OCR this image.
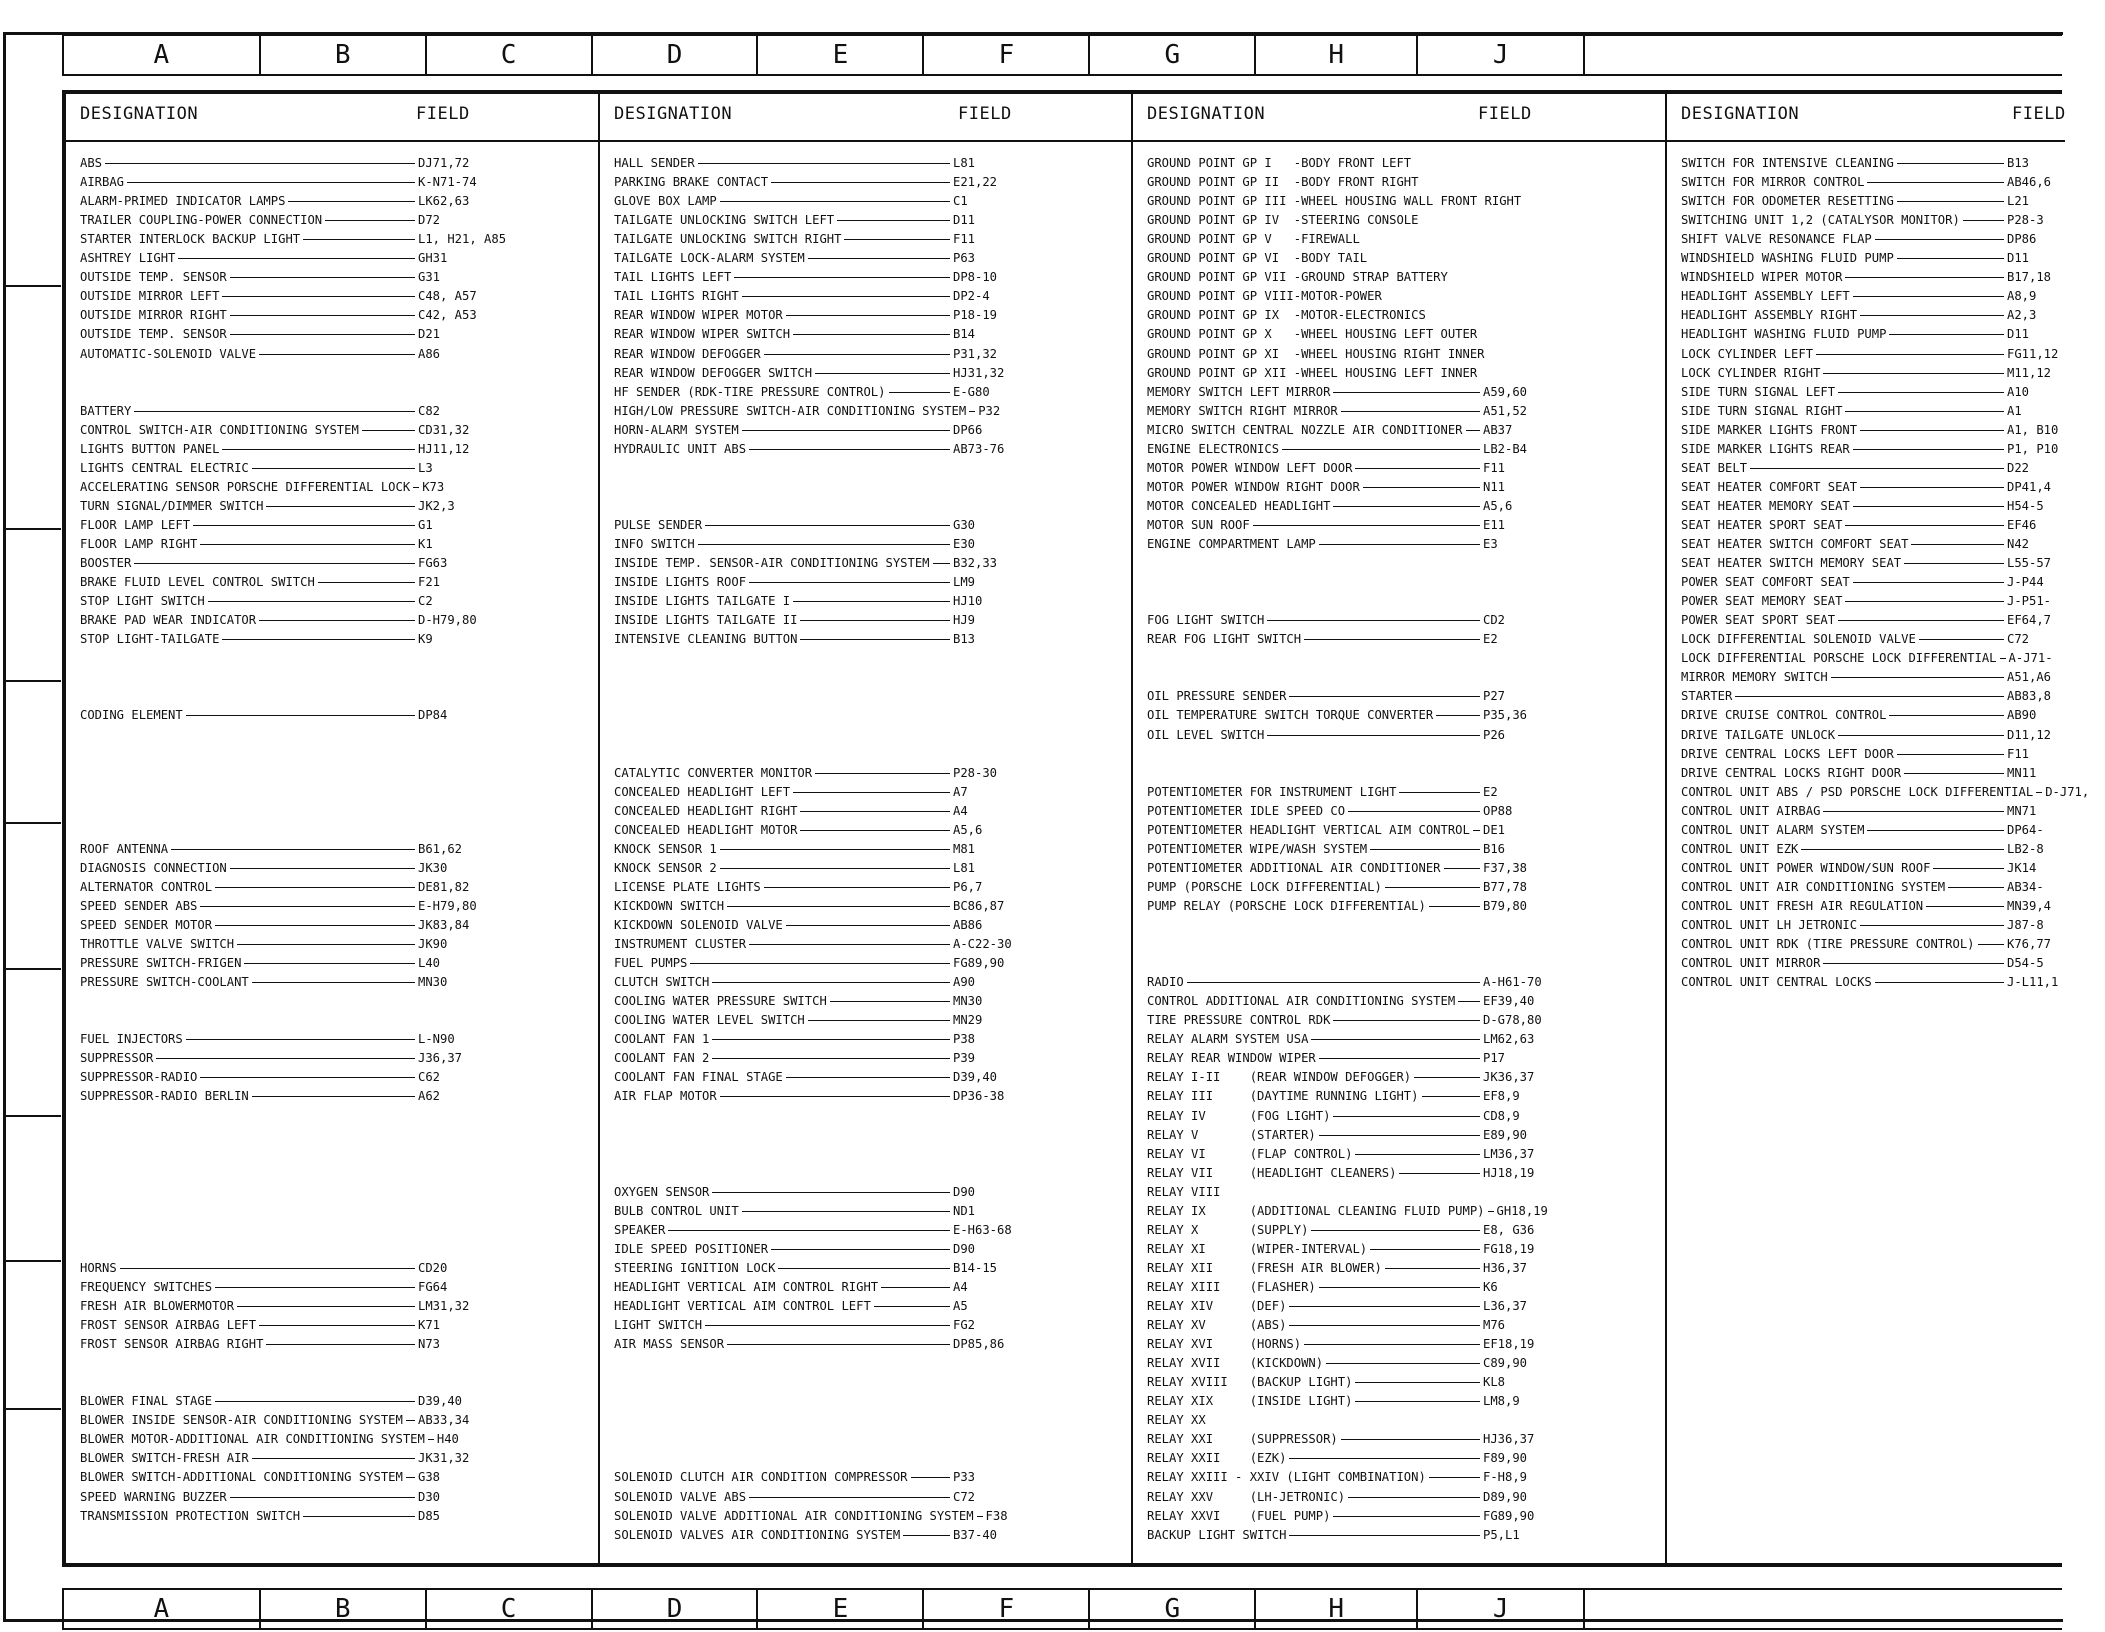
A	B	C	D	E	F	G	H	J
DESIGNATION	FIELD
ABS	DJ71,72
AIRBAG	K-N71-74
ALARM-PRIMED INDICATOR LAMPS	LK62,63
TRAILER COUPLING-POWER CONNECTION	D72
STARTER INTERLOCK BACKUP LIGHT	L1, H21, A85
ASHTREY LIGHT	GH31
OUTSIDE TEMP. SENSOR	G31
OUTSIDE MIRROR LEFT	C48, A57
OUTSIDE MIRROR RIGHT	C42, A53
OUTSIDE TEMP. SENSOR	D21
AUTOMATIC-SOLENOID VALVE	A86
BATTERY	C82
CONTROL SWITCH-AIR CONDITIONING SYSTEM	CD31,32
LIGHTS BUTTON PANEL	HJ11,12
LIGHTS CENTRAL ELECTRIC	L3
ACCELERATING SENSOR PORSCHE DIFFERENTIAL LOCK K73
TURN SIGNAL/DIMMER SWITCH	JK2,3
FLOOR LAMP LEFT	G1
FLOOR LAMP RIGHT	K1
BOOSTER	FG63
BRAKE FLUID LEVEL CONTROL SWITCH	F21
STOP LIGHT SWITCH	C2
BRAKE PAD WEAR INDICATOR	D-H79,80
STOP LIGHT-TAILGATE	K9
CODING ELEMENT	DP84
ROOF ANTENNA	B61,62
DIAGNOSIS CONNECTION	JK30
ALTERNATOR CONTROL	DE81,82
SPEED SENDER ABS	E-H79,80
SPEED SENDER MOTOR	JK83,84
THROTTLE VALVE SWITCH	JK90
PRESSURE SWITCH-FRIGEN	L40
PRESSURE SWITCH-COOLANT	MN30
FUEL INJECTORS	L-N90
SUPPRESSOR	J36,37
SUPPRESSOR-RADIO	C62
SUPPRESSOR-RADIO BERLIN	A62
HORNS	CD20
FREQUENCY SWITCHES	FG64
FRESH AIR BLOWERMOTOR	LM31,32
FROST SENSOR AIRBAG LEFT	K71
FROST SENSOR AIRBAG RIGHT	N73
BLOWER FINAL STAGE	D39,40
BLOWER INSIDE SENSOR-AIR CONDITIONING SYSTEM AB33,34
BLOWER MOTOR-ADDITIONAL AIR CONDITIONING SYSTEM H40
BLOWER SWITCH-FRESH AIR	JK31,32
BLOWER SWITCH-ADDITIONAL CONDITIONING SYSTEM G38
SPEED WARNING BUZZER	D30
TRANSMISSION PROTECTION SWITCH	D85
DESIGNATION	FIELD
HALL SENDER	L81
PARKING BRAKE CONTACT	E21,22
GLOVE BOX LAMP	C1
TAILGATE UNLOCKING SWITCH LEFT	D11
TAILGATE UNLOCKING SWITCH RIGHT	F11
TAILGATE LOCK-ALARM SYSTEM	P63
TAIL LIGHTS LEFT	DP8-10
TAIL LIGHTS RIGHT	DP2-4
REAR WINDOW WIPER MOTOR	P18-19
REAR WINDOW WIPER SWITCH	B14
REAR WINDOW DEFOGGER	P31,32
REAR WINDOW DEFOGGER SWITCH	HJ31,32
HF SENDER (RDK-TIRE PRESSURE CONTROL)	E-G80
HIGH/LOW PRESSURE SWITCH-AIR CONDITIONING SYSTEM P32
HORN-ALARM SYSTEM	DP66
HYDRAULIC UNIT ABS	AB73-76
PULSE SENDER	G30
INFO SWITCH	E30
INSIDE TEMP. SENSOR-AIR CONDITIONING SYSTEM B32,33
INSIDE LIGHTS ROOF	LM9
INSIDE LIGHTS TAILGATE I	HJ10
INSIDE LIGHTS TAILGATE II	HJ9
INTENSIVE CLEANING BUTTON	B13
CATALYTIC CONVERTER MONITOR	P28-30
CONCEALED HEADLIGHT LEFT	A7
CONCEALED HEADLIGHT RIGHT	A4
CONCEALED HEADLIGHT MOTOR	A5,6
KNOCK SENSOR 1	M81
KNOCK SENSOR 2	L81
LICENSE PLATE LIGHTS	P6,7
KICKDOWN SWITCH	BC86,87
KICKDOWN SOLENOID VALVE	AB86
INSTRUMENT CLUSTER	A-C22-30
FUEL PUMPS	FG89,90
CLUTCH SWITCH	A90
COOLING WATER PRESSURE SWITCH	MN30
COOLING WATER LEVEL SWITCH	MN29
COOLANT FAN 1	P38
COOLANT FAN 2	P39
COOLANT FAN FINAL STAGE	D39,40
AIR FLAP MOTOR	DP36-38
OXYGEN SENSOR	D90
BULB CONTROL UNIT	ND1
SPEAKER	E-H63-68
IDLE SPEED POSITIONER	D90
STEERING IGNITION LOCK	B14-15
HEADLIGHT VERTICAL AIM CONTROL RIGHT	A4
HEADLIGHT VERTICAL AIM CONTROL LEFT	A5
LIGHT SWITCH	FG2
AIR MASS SENSOR	DP85,86
SOLENOID CLUTCH AIR CONDITION COMPRESSOR	P33
SOLENOID VALVE ABS	C72
SOLENOID VALVE ADDITIONAL AIR CONDITIONING SYSTEM F38
SOLENOID VALVES AIR CONDITIONING SYSTEM	B37-40
DESIGNATION	FIELD
GROUND POINT GP I   -BODY FRONT LEFT
GROUND POINT GP II  -BODY FRONT RIGHT
GROUND POINT GP III -WHEEL HOUSING WALL FRONT RIGHT
GROUND POINT GP IV  -STEERING CONSOLE
GROUND POINT GP V   -FIREWALL
GROUND POINT GP VI  -BODY TAIL
GROUND POINT GP VII -GROUND STRAP BATTERY
GROUND POINT GP VIII-MOTOR-POWER
GROUND POINT GP IX  -MOTOR-ELECTRONICS
GROUND POINT GP X   -WHEEL HOUSING LEFT OUTER
GROUND POINT GP XI  -WHEEL HOUSING RIGHT INNER
GROUND POINT GP XII -WHEEL HOUSING LEFT INNER
MEMORY SWITCH LEFT MIRROR	A59,60
MEMORY SWITCH RIGHT MIRROR	A51,52
MICRO SWITCH CENTRAL NOZZLE AIR CONDITIONER AB37
ENGINE ELECTRONICS	LB2-B4
MOTOR POWER WINDOW LEFT DOOR	F11
MOTOR POWER WINDOW RIGHT DOOR	N11
MOTOR CONCEALED HEADLIGHT	A5,6
MOTOR SUN ROOF	E11
ENGINE COMPARTMENT LAMP	E3
FOG LIGHT SWITCH	CD2
REAR FOG LIGHT SWITCH	E2
OIL PRESSURE SENDER	P27
OIL TEMPERATURE SWITCH TORQUE CONVERTER	P35,36
OIL LEVEL SWITCH	P26
POTENTIOMETER FOR INSTRUMENT LIGHT	E2
POTENTIOMETER IDLE SPEED CO	OP88
POTENTIOMETER HEADLIGHT VERTICAL AIM CONTROL DE1
POTENTIOMETER WIPE/WASH SYSTEM	B16
POTENTIOMETER ADDITIONAL AIR CONDITIONER	F37,38
PUMP (PORSCHE LOCK DIFFERENTIAL)	B77,78
PUMP RELAY (PORSCHE LOCK DIFFERENTIAL)	B79,80
RADIO	A-H61-70
CONTROL ADDITIONAL AIR CONDITIONING SYSTEM EF39,40
TIRE PRESSURE CONTROL RDK	D-G78,80
RELAY ALARM SYSTEM USA	LM62,63
RELAY REAR WINDOW WIPER	P17
RELAY I-II    (REAR WINDOW DEFOGGER)	JK36,37
RELAY III     (DAYTIME RUNNING LIGHT)	EF8,9
RELAY IV      (FOG LIGHT)	CD8,9
RELAY V       (STARTER)	E89,90
RELAY VI      (FLAP CONTROL)	LM36,37
RELAY VII     (HEADLIGHT CLEANERS)	HJ18,19
RELAY VIII
RELAY IX      (ADDITIONAL CLEANING FLUID PUMP) GH18,19
RELAY X       (SUPPLY)	E8, G36
RELAY XI      (WIPER-INTERVAL)	FG18,19
RELAY XII     (FRESH AIR BLOWER)	H36,37
RELAY XIII    (FLASHER)	K6
RELAY XIV     (DEF)	L36,37
RELAY XV      (ABS)	M76
RELAY XVI     (HORNS)	EF18,19
RELAY XVII    (KICKDOWN)	C89,90
RELAY XVIII   (BACKUP LIGHT)	KL8
RELAY XIX     (INSIDE LIGHT)	LM8,9
RELAY XX
RELAY XXI     (SUPPRESSOR)	HJ36,37
RELAY XXII    (EZK)	F89,90
RELAY XXIII - XXIV (LIGHT COMBINATION)	F-H8,9
RELAY XXV     (LH-JETRONIC)	D89,90
RELAY XXVI    (FUEL PUMP)	FG89,90
BACKUP LIGHT SWITCH	P5,L1
DESIGNATION	FIELD
SWITCH FOR INTENSIVE CLEANING	B13
SWITCH FOR MIRROR CONTROL	AB46,6
SWITCH FOR ODOMETER RESETTING	L21
SWITCHING UNIT 1,2 (CATALYSOR MONITOR)	P28-3
SHIFT VALVE RESONANCE FLAP	DP86
WINDSHIELD WASHING FLUID PUMP	D11
WINDSHIELD WIPER MOTOR	B17,18
HEADLIGHT ASSEMBLY LEFT	A8,9
HEADLIGHT ASSEMBLY RIGHT	A2,3
HEADLIGHT WASHING FLUID PUMP	D11
LOCK CYLINDER LEFT	FG11,12
LOCK CYLINDER RIGHT	M11,12
SIDE TURN SIGNAL LEFT	A10
SIDE TURN SIGNAL RIGHT	A1
SIDE MARKER LIGHTS FRONT	A1, B10
SIDE MARKER LIGHTS REAR	P1, P10
SEAT BELT	D22
SEAT HEATER COMFORT SEAT	DP41,4
SEAT HEATER MEMORY SEAT	H54-5
SEAT HEATER SPORT SEAT	EF46
SEAT HEATER SWITCH COMFORT SEAT	N42
SEAT HEATER SWITCH MEMORY SEAT	L55-57
POWER SEAT COMFORT SEAT	J-P44
POWER SEAT MEMORY SEAT	J-P51-
POWER SEAT SPORT SEAT	EF64,7
LOCK DIFFERENTIAL SOLENOID VALVE	C72
LOCK DIFFERENTIAL PORSCHE LOCK DIFFERENTIAL A-J71-
MIRROR MEMORY SWITCH	A51,A6
STARTER	AB83,8
DRIVE CRUISE CONTROL CONTROL	AB90
DRIVE TAILGATE UNLOCK	D11,12
DRIVE CENTRAL LOCKS LEFT DOOR	F11
DRIVE CENTRAL LOCKS RIGHT DOOR	MN11
CONTROL UNIT ABS / PSD PORSCHE LOCK DIFFERENTIAL D-J71,
CONTROL UNIT AIRBAG	MN71
CONTROL UNIT ALARM SYSTEM	DP64-
CONTROL UNIT EZK	LB2-8
CONTROL UNIT POWER WINDOW/SUN ROOF	JK14
CONTROL UNIT AIR CONDITIONING SYSTEM	AB34-
CONTROL UNIT FRESH AIR REGULATION	MN39,4
CONTROL UNIT LH JETRONIC	J87-8
CONTROL UNIT RDK (TIRE PRESSURE CONTROL)	K76,77
CONTROL UNIT MIRROR	D54-5
CONTROL UNIT CENTRAL LOCKS	J-L11,1
A	B	C	D	E	F	G	H	J
